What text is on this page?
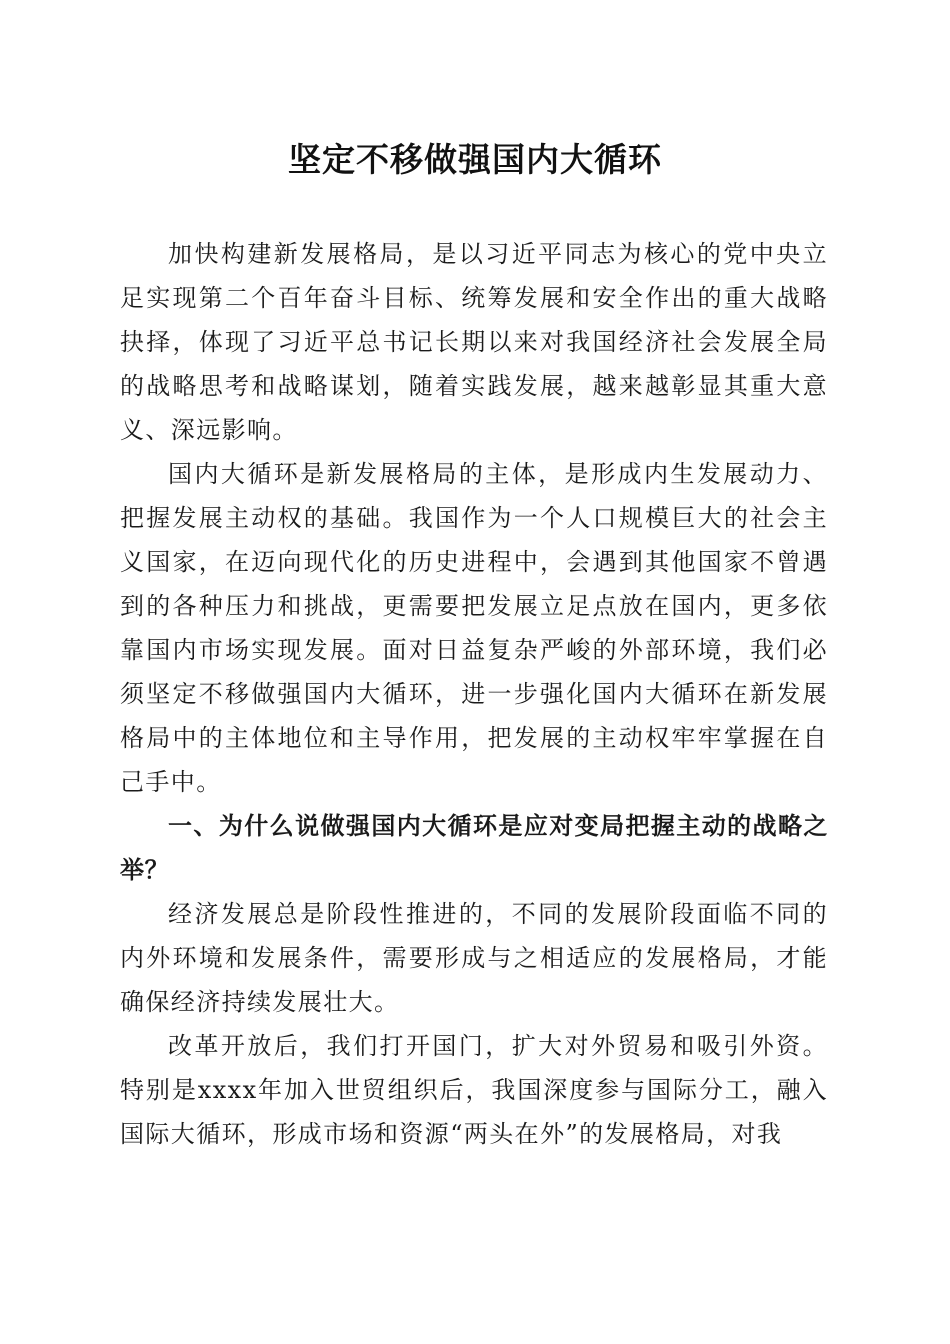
坚定不移做强国内大循环

加快构建新发展格局，是以习近平同志为核心的党中央立足实现第二个百年奋斗目标、统筹发展和安全作出的重大战略抉择，体现了习近平总书记长期以来对我国经济社会发展全局的战略思考和战略谋划，随着实践发展，越来越彰显其重大意义、深远影响。

国内大循环是新发展格局的主体，是形成内生发展动力、把握发展主动权的基础。我国作为一个人口规模巨大的社会主义国家，在迈向现代化的历史进程中，会遇到其他国家不曾遇到的各种压力和挑战，更需要把发展立足点放在国内，更多依靠国内市场实现发展。面对日益复杂严峻的外部环境，我们必须坚定不移做强国内大循环，进一步强化国内大循环在新发展格局中的主体地位和主导作用，把发展的主动权牢牢掌握在自己手中。

一、为什么说做强国内大循环是应对变局把握主动的战略之举？

经济发展总是阶段性推进的，不同的发展阶段面临不同的内外环境和发展条件，需要形成与之相适应的发展格局，才能确保经济持续发展壮大。

改革开放后，我们打开国门，扩大对外贸易和吸引外资。特别是xxxx年加入世贸组织后，我国深度参与国际分工，融入国际大循环，形成市场和资源“两头在外”的发展格局，对我
